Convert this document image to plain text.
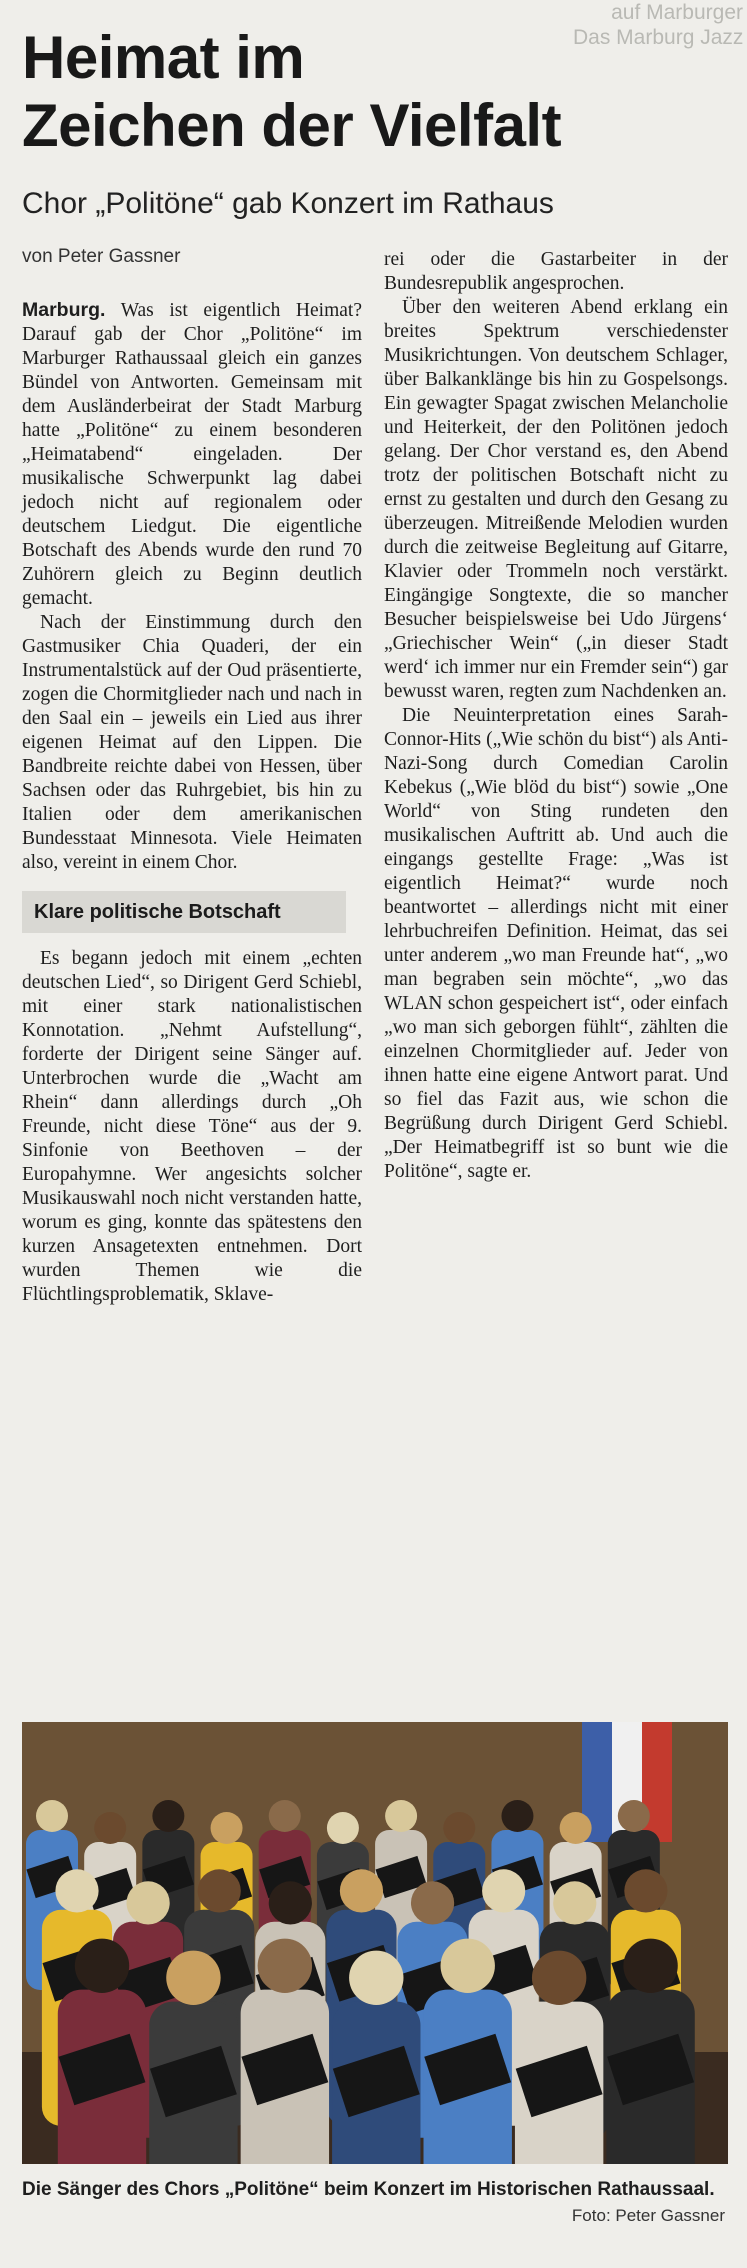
auf Marburger
Das Marburg Jazz
Heimat im
Zeichen der Vielfalt
Chor „Politöne“ gab Konzert im Rathaus
von Peter Gassner

Marburg. Was ist eigentlich Heimat? Darauf gab der Chor „Politöne“ im Marburger Rathaussaal gleich ein ganzes Bündel von Antworten. Gemeinsam mit dem Ausländerbeirat der Stadt Marburg hatte „Politöne“ zu einem besonderen „Heimatabend“ eingeladen. Der musikalische Schwerpunkt lag dabei jedoch nicht auf regionalem oder deutschem Liedgut. Die eigentliche Botschaft des Abends wurde den rund 70 Zuhörern gleich zu Beginn deutlich gemacht.

Nach der Einstimmung durch den Gastmusiker Chia Quaderi, der ein Instrumentalstück auf der Oud präsentierte, zogen die Chormitglieder nach und nach in den Saal ein – jeweils ein Lied aus ihrer eigenen Heimat auf den Lippen. Die Bandbreite reichte dabei von Hessen, über Sachsen oder das Ruhrgebiet, bis hin zu Italien oder dem amerikanischen Bundesstaat Minnesota. Viele Heimaten also, vereint in einem Chor.

Klare politische Botschaft

Es begann jedoch mit einem „echten deutschen Lied“, so Dirigent Gerd Schiebl, mit einer stark nationalistischen Konnotation. „Nehmt Aufstellung“, forderte der Dirigent seine Sänger auf. Unterbrochen wurde die „Wacht am Rhein“ dann allerdings durch „Oh Freunde, nicht diese Töne“ aus der 9. Sinfonie von Beethoven – der Europahymne. Wer angesichts solcher Musikauswahl noch nicht verstanden hatte, worum es ging, konnte das spätestens den kurzen Ansagetexten entnehmen. Dort wurden Themen wie die Flüchtlingsproblematik, Sklave-

rei oder die Gastarbeiter in der Bundesrepublik angesprochen.

Über den weiteren Abend erklang ein breites Spektrum verschiedenster Musikrichtungen. Von deutschem Schlager, über Balkanklänge bis hin zu Gospelsongs. Ein gewagter Spagat zwischen Melancholie und Heiterkeit, der den Politönen jedoch gelang. Der Chor verstand es, den Abend trotz der politischen Botschaft nicht zu ernst zu gestalten und durch den Gesang zu überzeugen. Mitreißende Melodien wurden durch die zeitweise Begleitung auf Gitarre, Klavier oder Trommeln noch verstärkt. Eingängige Songtexte, die so mancher Besucher beispielsweise bei Udo Jürgens‘ „Griechischer Wein“ („in dieser Stadt werd‘ ich immer nur ein Fremder sein“) gar bewusst waren, regten zum Nachdenken an.

Die Neuinterpretation eines Sarah-Connor-Hits („Wie schön du bist“) als Anti-Nazi-Song durch Comedian Carolin Kebekus („Wie blöd du bist“) sowie „One World“ von Sting rundeten den musikalischen Auftritt ab. Und auch die eingangs gestellte Frage: „Was ist eigentlich Heimat?“ wurde noch beantwortet – allerdings nicht mit einer lehrbuchreifen Definition. Heimat, das sei unter anderem „wo man Freunde hat“, „wo man begraben sein möchte“, „wo das WLAN schon gespeichert ist“, oder einfach „wo man sich geborgen fühlt“, zählten die einzelnen Chormitglieder auf. Jeder von ihnen hatte eine eigene Antwort parat. Und so fiel das Fazit aus, wie schon die Begrüßung durch Dirigent Gerd Schiebl. „Der Heimatbegriff ist so bunt wie die Politöne“, sagte er.

Die Sänger des Chors „Politöne“ beim Konzert im Historischen Rathaussaal.
Foto: Peter Gassner
